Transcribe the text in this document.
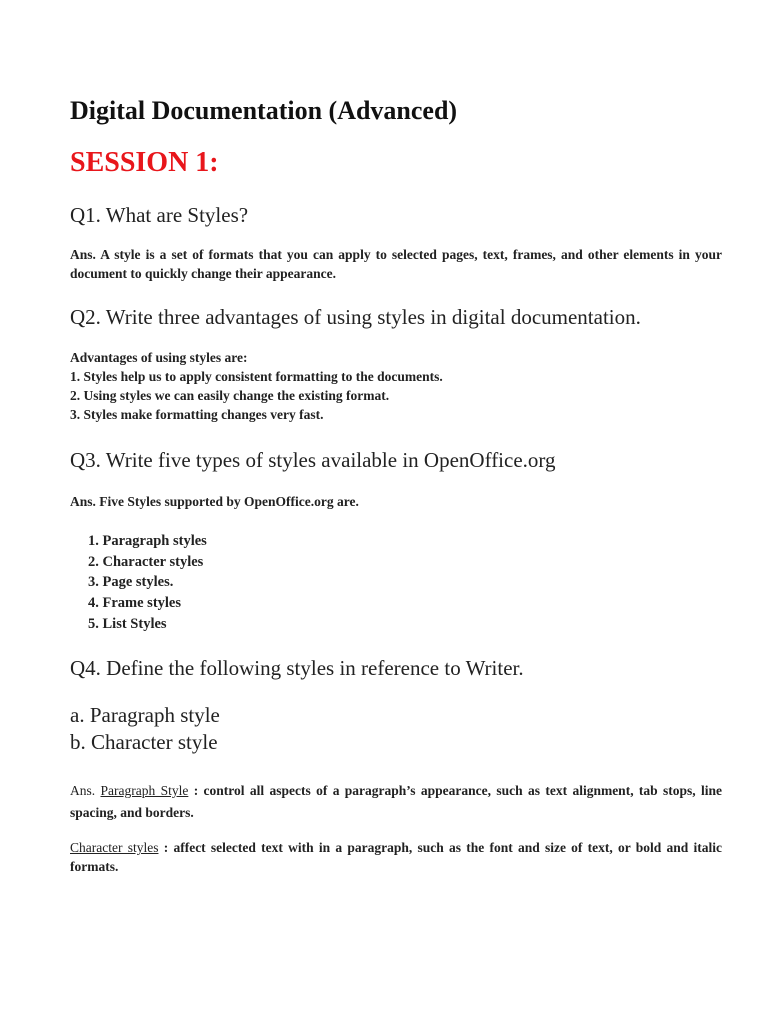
Digital Documentation (Advanced)
SESSION 1:

Q1. What are Styles?

Ans. A style is a set of formats that you can apply to selected pages, text, frames, and other elements in your document to quickly change their appearance.

Q2. Write three advantages of using styles in digital documentation.

Advantages of using styles are:
1. Styles help us to apply consistent formatting to the documents.
2. Using styles we can easily change the existing format.
3. Styles make formatting changes very fast.

Q3. Write five types of styles available in OpenOffice.org

Ans. Five Styles supported by OpenOffice.org are.

1. Paragraph styles
2. Character styles
3. Page styles.
4. Frame styles
5. List Styles

Q4. Define the following styles in reference to Writer.

a. Paragraph style

b. Character style

Ans. Paragraph Style : control all aspects of a paragraph’s appearance, such as text alignment, tab stops, line spacing, and borders.

Character styles : affect selected text with in a paragraph, such as the font and size of text, or bold and italic formats.
